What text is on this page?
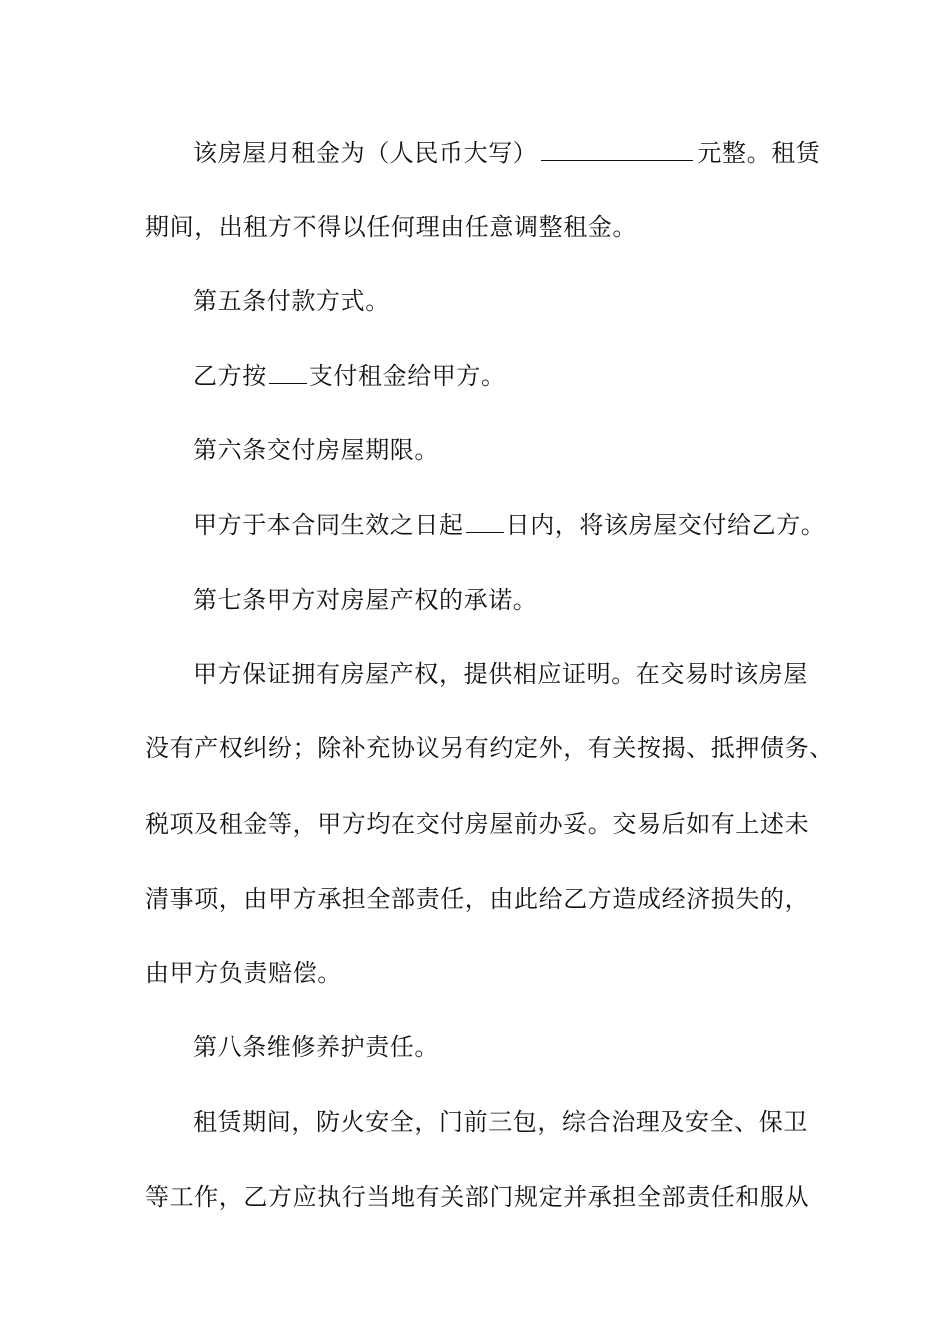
该房屋月租金为（人民币大写）	元整。租赁
期间，出租方不得以任何理由任意调整租金。
第五条付款方式。
乙方按 支付租金给甲方。
第六条交付房屋期限。
甲方于本合同生效之日起 日内，将该房屋交付给乙方。
第七条甲方对房屋产权的承诺。
甲方保证拥有房屋产权，提供相应证明。在交易时该房屋
没有产权纠纷；除补充协议另有约定外，有关按揭、抵押债务、
税项及租金等，甲方均在交付房屋前办妥。交易后如有上述未
清事项，由甲方承担全部责任，由此给乙方造成经济损失的，
由甲方负责赔偿。
第八条维修养护责任。
租赁期间，防火安全，门前三包，综合治理及安全、保卫
等工作，乙方应执行当地有关部门规定并承担全部责任和服从
